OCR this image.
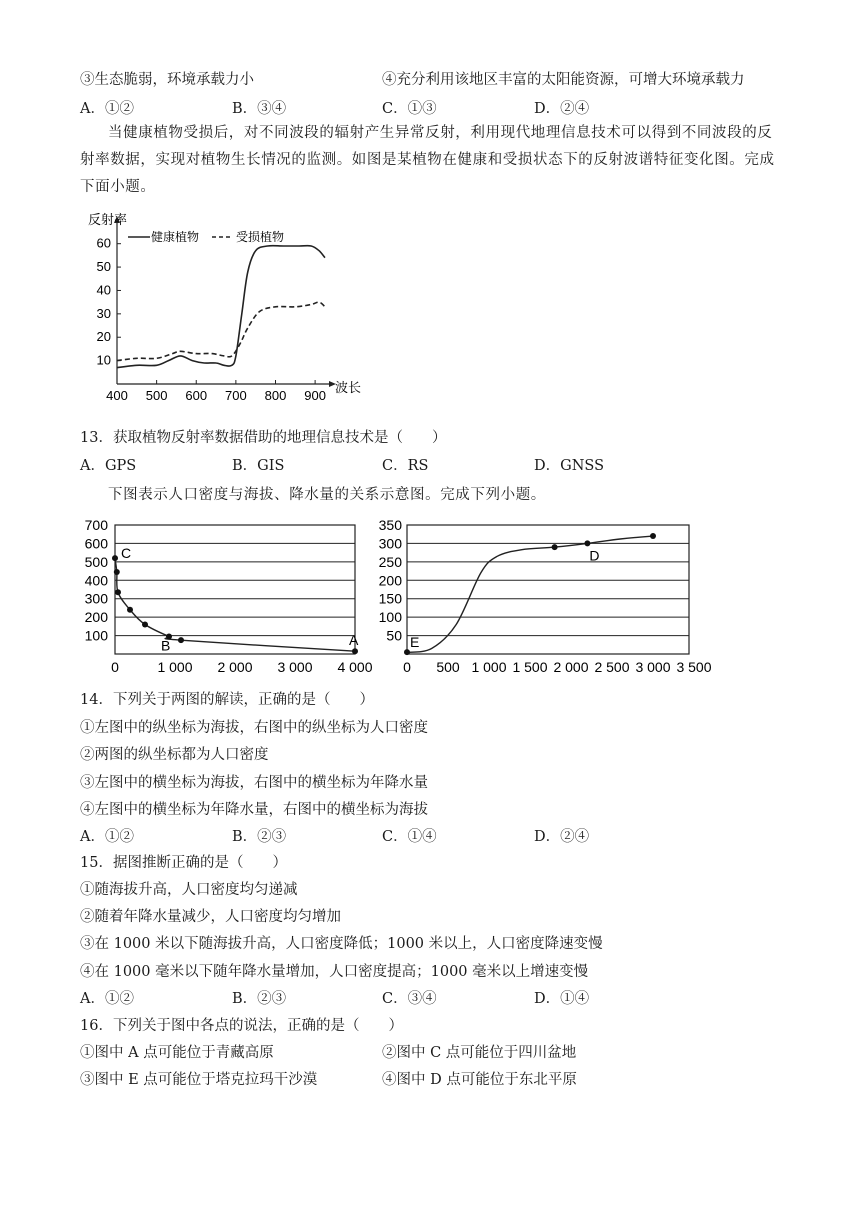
③生态脆弱，环境承载力小	④充分利用该地区丰富的太阳能资源，可增大环境承载力
A．①②	B．③④	C．①③	D．②④
当健康植物受损后，对不同波段的辐射产生异常反射，利用现代地理信息技术可以得到不同波段的反射率数据，实现对植物生长情况的监测。如图是某植物在健康和受损状态下的反射波谱特征变化图。完成下面小题。
10
20
30
40
50
60
400 500 600 700 800 900
反射率
波长
健康植物	受损植物
13．获取植物反射率数据借助的地理信息技术是（　　）
A．GPS	B．GIS	C．RS	D．GNSS
下图表示人口密度与海拔、降水量的关系示意图。完成下列小题。
100
200
300
400
500
600
700
0	1 000 2 000 3 000 4 000
C
B	A 50
100
150
200
250
300
350
0 500 1 000 1 500 2 000 2 500 3 000 3 500
E
D
14．下列关于两图的解读，正确的是（　　）
①左图中的纵坐标为海拔，右图中的纵坐标为人口密度
②两图的纵坐标都为人口密度
③左图中的横坐标为海拔，右图中的横坐标为年降水量
④左图中的横坐标为年降水量，右图中的横坐标为海拔
A．①②	B．②③	C．①④	D．②④
15．据图推断正确的是（　　）
①随海拔升高，人口密度均匀递减
②随着年降水量减少，人口密度均匀增加
③在 1000 米以下随海拔升高，人口密度降低；1000 米以上，人口密度降速变慢
④在 1000 毫米以下随年降水量增加，人口密度提高；1000 毫米以上增速变慢
A．①②	B．②③	C．③④	D．①④
16．下列关于图中各点的说法，正确的是（　　）
①图中 A 点可能位于青藏高原	②图中 C 点可能位于四川盆地
③图中 E 点可能位于塔克拉玛干沙漠	④图中 D 点可能位于东北平原
